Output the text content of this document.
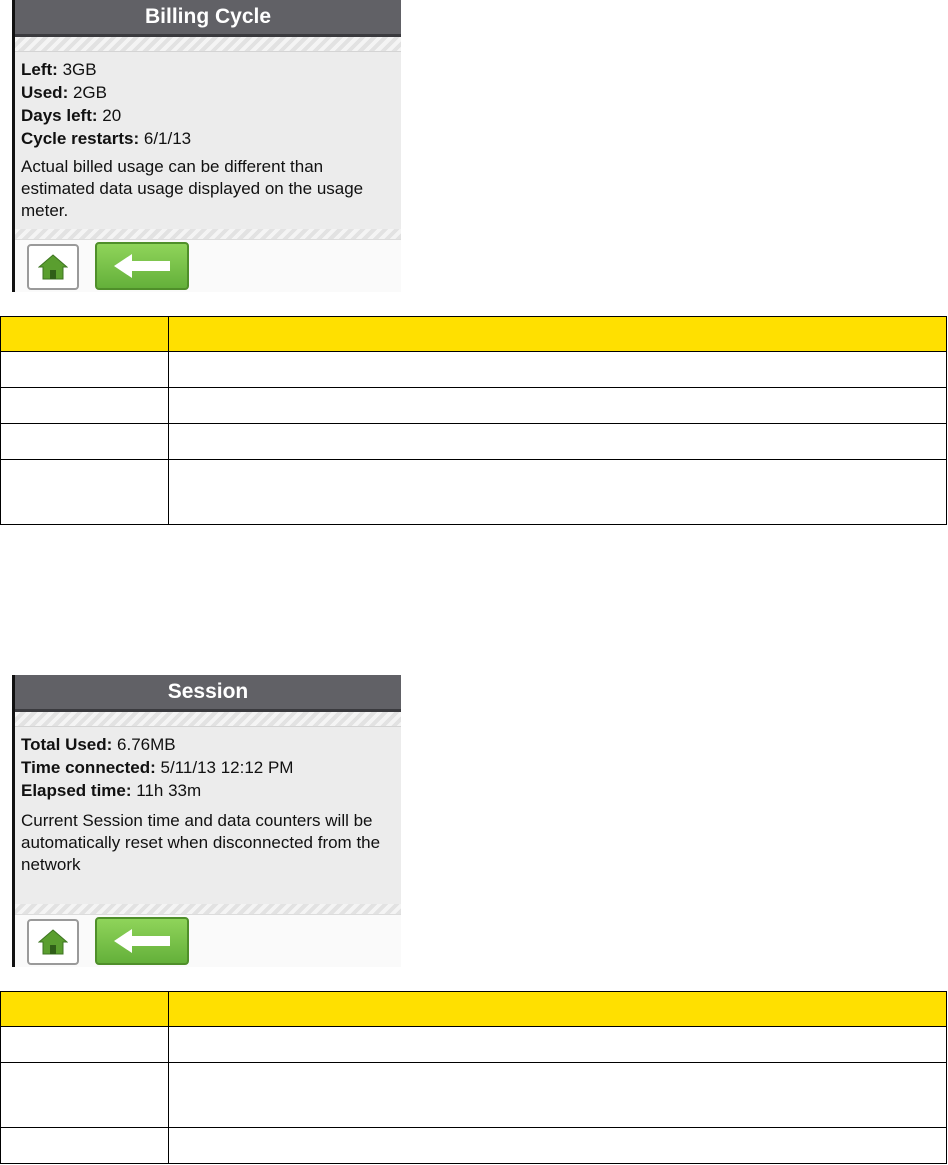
Billing Cycle
Left: 3GB
Used: 2GB
Days left: 20
Cycle restarts: 6/1/13
Actual billed usage can be different than estimated data usage displayed on the usage meter.

Session
Total Used: 6.76MB
Time connected: 5/11/13 12:12 PM
Elapsed time: 11h 33m
Current Session time and data counters will be automatically reset when disconnected from the network
